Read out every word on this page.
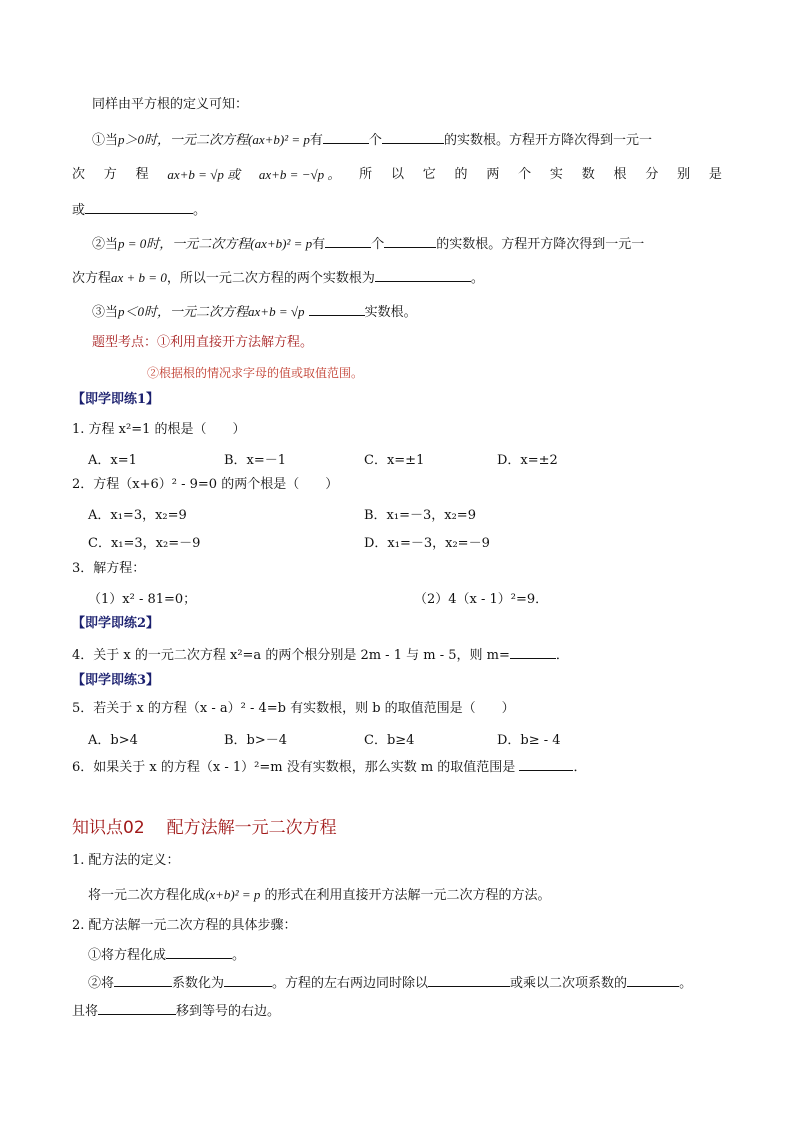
同样由平方根的定义可知：
①当p＞0时，一元二次方程(ax+b)² = p有	个	的实数根。方程开方降次得到一元一
次 方 程 ax+b = √p 或 ax+b = −√p 。 所 以 它 的 两 个 实 数 根 分 别 是
或	。
②当p = 0时，一元二次方程(ax+b)² = p有	个	的实数根。方程开方降次得到一元一
次方程ax + b = 0，所以一元二次方程的两个实数根为	。
③当p＜0时，一元二次方程ax+b = √p	实数根。
题型考点：①利用直接开方法解方程。
②根据根的情况求字母的值或取值范围。
【即学即练1】
1. 方程 x²=1 的根是（　　）
A．x=1	B．x=－1	C．x=±1	D．x=±2
2．方程（x+6）² - 9=0 的两个根是（　　）
A．x₁=3，x₂=9	B．x₁=－3，x₂=9
C．x₁=3，x₂=－9	D．x₁=－3，x₂=－9
3．解方程：
（1）x² - 81=0；	（2）4（x - 1）²=9．
【即学即练2】
4．关于 x 的一元二次方程 x²=a 的两个根分别是 2m - 1 与 m - 5，则 m=	．
【即学即练3】
5．若关于 x 的方程（x - a）² - 4=b 有实数根，则 b 的取值范围是（　　）
A．b>4	B．b>－4	C．b≥4	D．b≥ - 4
6．如果关于 x 的方程（x - 1）²=m 没有实数根，那么实数 m 的取值范围是	．
知识点02 配方法解一元二次方程
1. 配方法的定义：
将一元二次方程化成(x+b)² = p 的形式在利用直接开方法解一元二次方程的方法。
2. 配方法解一元二次方程的具体步骤：
①将方程化成	。
②将	系数化为	。方程的左右两边同时除以	或乘以二次项系数的	。
且将	移到等号的右边。
